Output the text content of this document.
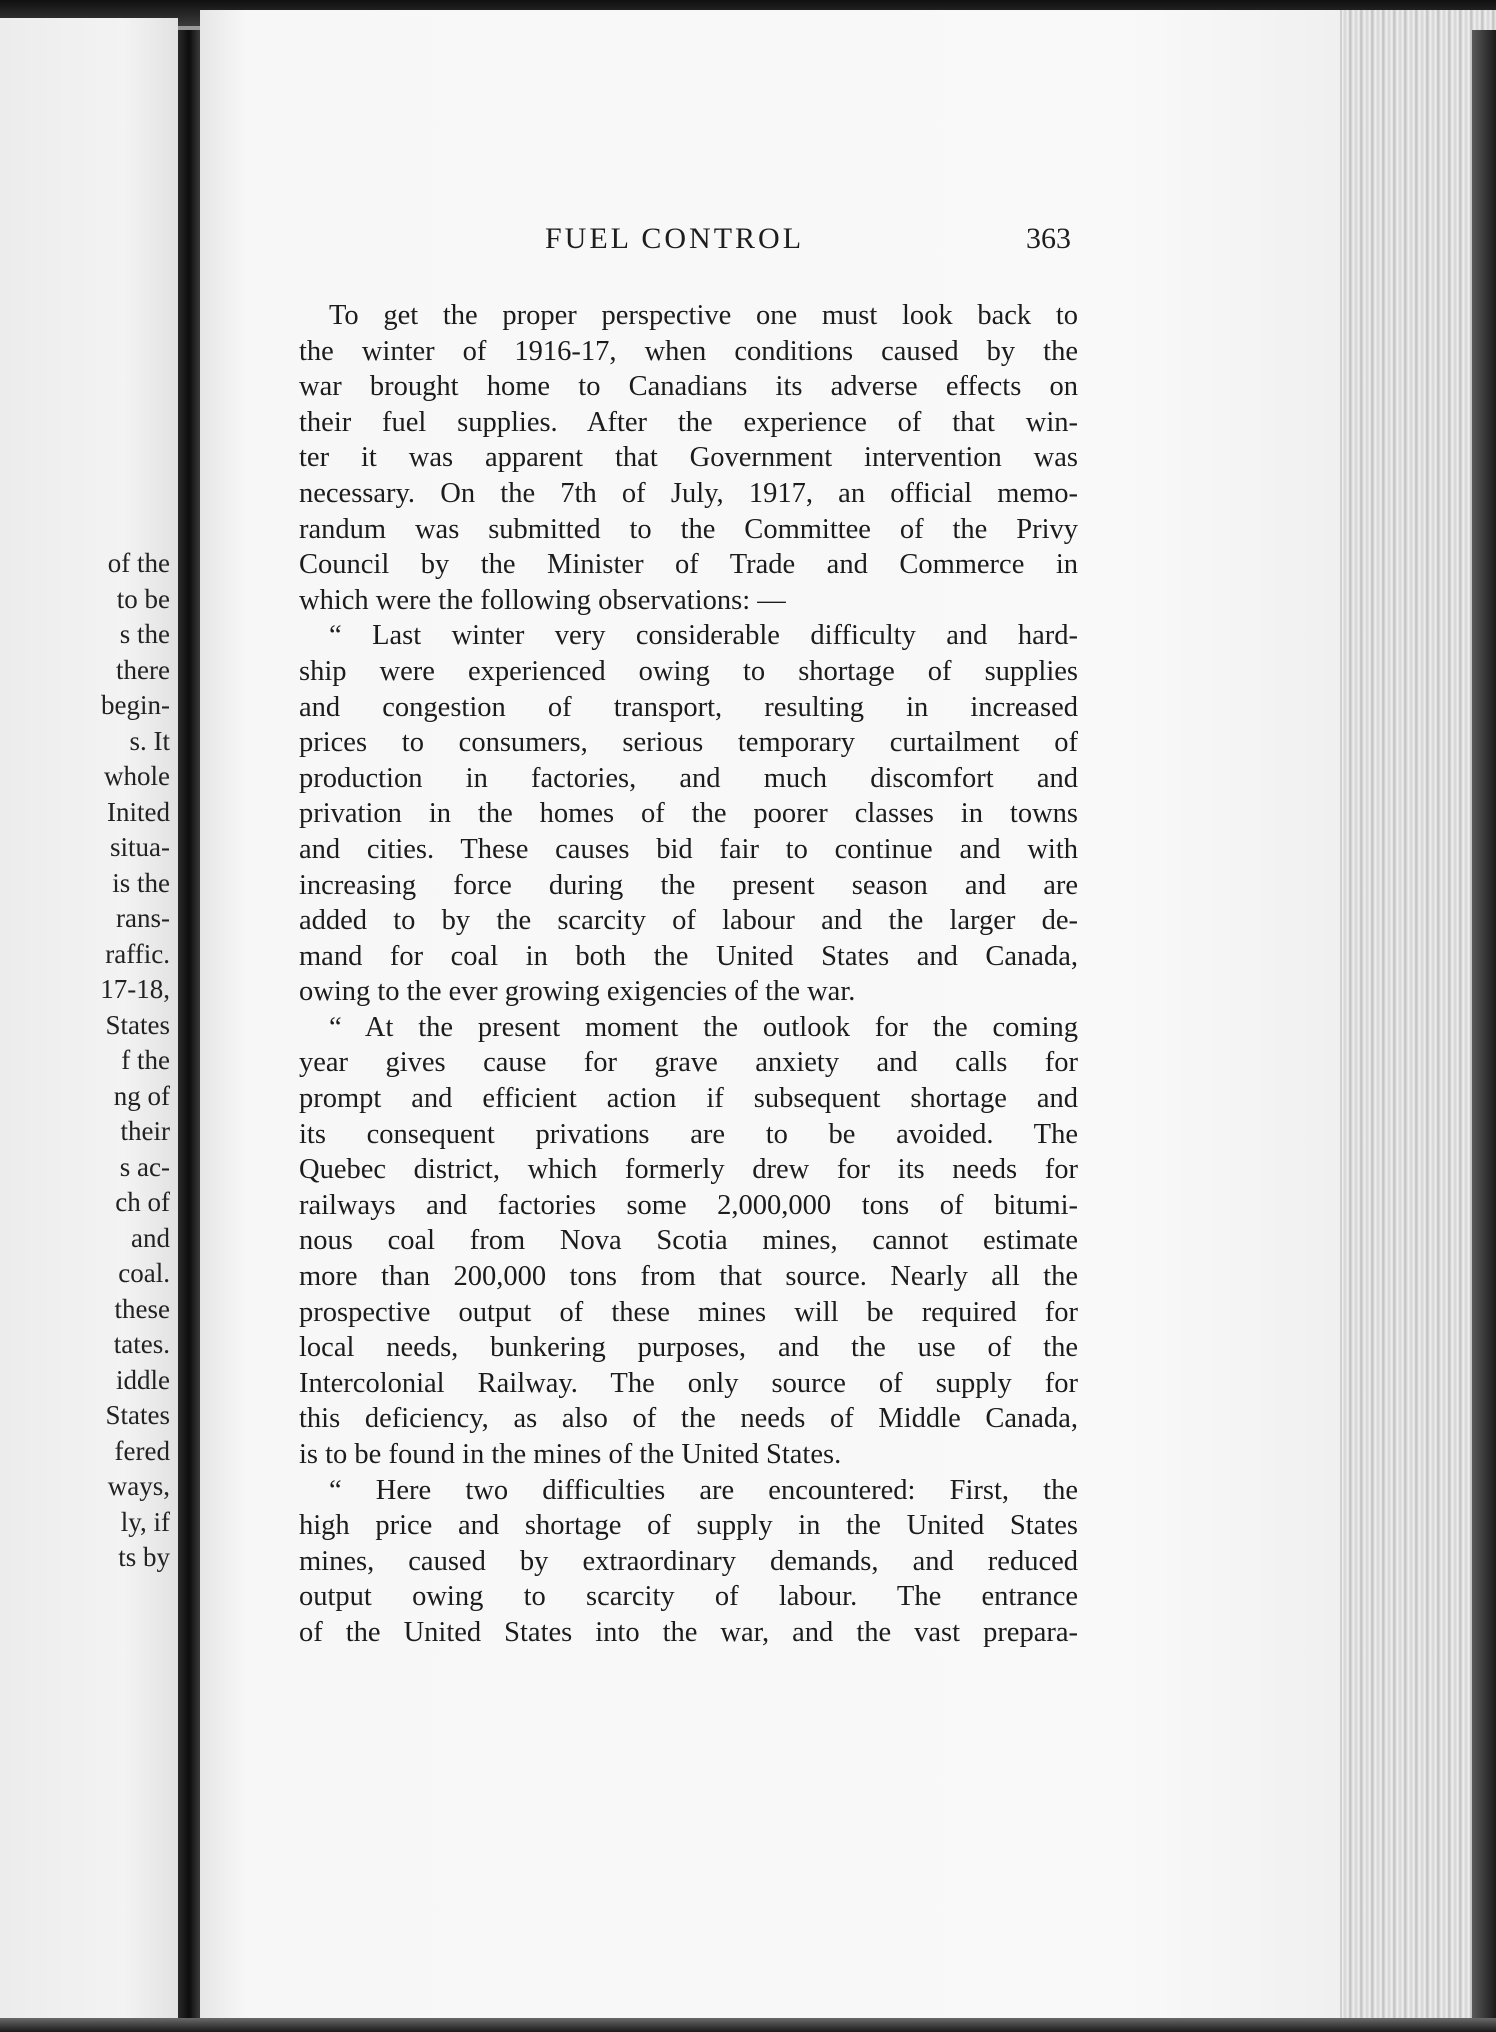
of the
to be
s the
there
begin-
s. It
whole
Inited
situa-
is the
rans-
raffic.
17-18,
States
f the
ng of
their
s ac-
ch of
and
coal.
these
tates.
iddle
States
fered
ways,
ly, if
ts by
FUEL CONTROL	363
To get the proper perspective one must look back to
the winter of 1916-17, when conditions caused by the
war brought home to Canadians its adverse effects on
their fuel supplies. After the experience of that win-
ter it was apparent that Government intervention was
necessary. On the 7th of July, 1917, an official memo-
randum was submitted to the Committee of the Privy
Council by the Minister of Trade and Commerce in
which were the following observations: —
“ Last winter very considerable difficulty and hard-
ship were experienced owing to shortage of supplies
and congestion of transport, resulting in increased
prices to consumers, serious temporary curtailment of
production in factories, and much discomfort and
privation in the homes of the poorer classes in towns
and cities. These causes bid fair to continue and with
increasing force during the present season and are
added to by the scarcity of labour and the larger de-
mand for coal in both the United States and Canada,
owing to the ever growing exigencies of the war.
“ At the present moment the outlook for the coming
year gives cause for grave anxiety and calls for
prompt and efficient action if subsequent shortage and
its consequent privations are to be avoided. The
Quebec district, which formerly drew for its needs for
railways and factories some 2,000,000 tons of bitumi-
nous coal from Nova Scotia mines, cannot estimate
more than 200,000 tons from that source. Nearly all the
prospective output of these mines will be required for
local needs, bunkering purposes, and the use of the
Intercolonial Railway. The only source of supply for
this deficiency, as also of the needs of Middle Canada,
is to be found in the mines of the United States.
“ Here two difficulties are encountered: First, the
high price and shortage of supply in the United States
mines, caused by extraordinary demands, and reduced
output owing to scarcity of labour. The entrance
of the United States into the war, and the vast prepara-
